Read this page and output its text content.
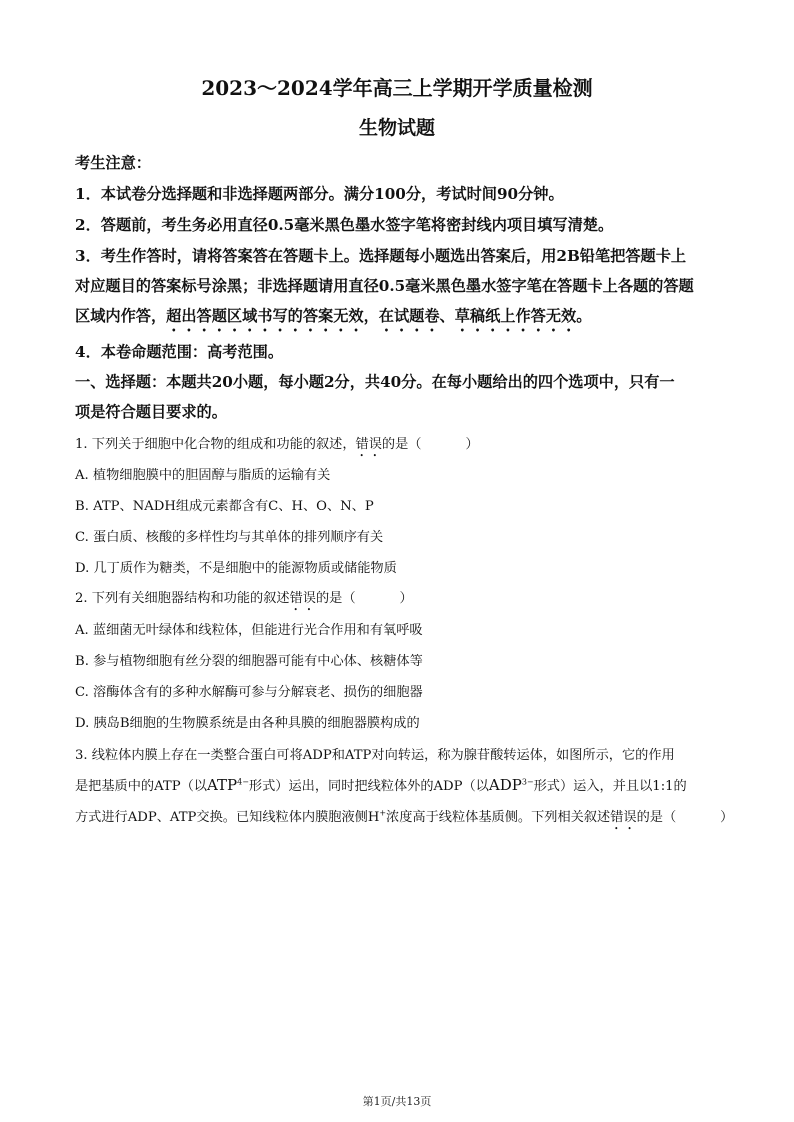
2023～2024学年高三上学期开学质量检测
生物试题
考生注意：
1．本试卷分选择题和非选择题两部分。满分100分，考试时间90分钟。
2．答题前，考生务必用直径0.5毫米黑色墨水签字笔将密封线内项目填写清楚。
3．考生作答时，请将答案答在答题卡上。选择题每小题选出答案后，用2B铅笔把答题卡上
对应题目的答案标号涂黑；非选择题请用直径0.5毫米黑色墨水签字笔在答题卡上各题的答题
区域内作答，超出答题区域书写的答案无效，在试题卷、草稿纸上作答无效。
4．本卷命题范围：高考范围。
一、选择题：本题共20小题，每小题2分，共40分。在每小题给出的四个选项中，只有一
项是符合题目要求的。
1. 下列关于细胞中化合物的组成和功能的叙述，错误的是（	）
A. 植物细胞膜中的胆固醇与脂质的运输有关
B. ATP、NADH组成元素都含有C、H、O、N、P
C. 蛋白质、核酸的多样性均与其单体的排列顺序有关
D. 几丁质作为糖类，不是细胞中的能源物质或储能物质
2. 下列有关细胞器结构和功能的叙述错误的是（	）
A. 蓝细菌无叶绿体和线粒体，但能进行光合作用和有氧呼吸
B. 参与植物细胞有丝分裂的细胞器可能有中心体、核糖体等
C. 溶酶体含有的多种水解酶可参与分解衰老、损伤的细胞器
D. 胰岛B细胞的生物膜系统是由各种具膜的细胞器膜构成的
3. 线粒体内膜上存在一类整合蛋白可将ADP和ATP对向转运，称为腺苷酸转运体，如图所示，它的作用
是把基质中的ATP（以$ATP^{4-}$形式）运出，同时把线粒体外的ADP（以$ADP^{3-}$形式）运入，并且以1:1的
方式进行ADP、ATP交换。已知线粒体内膜胞液侧H+浓度高于线粒体基质侧。下列相关叙述错误的是（	）
第1页/共13页
